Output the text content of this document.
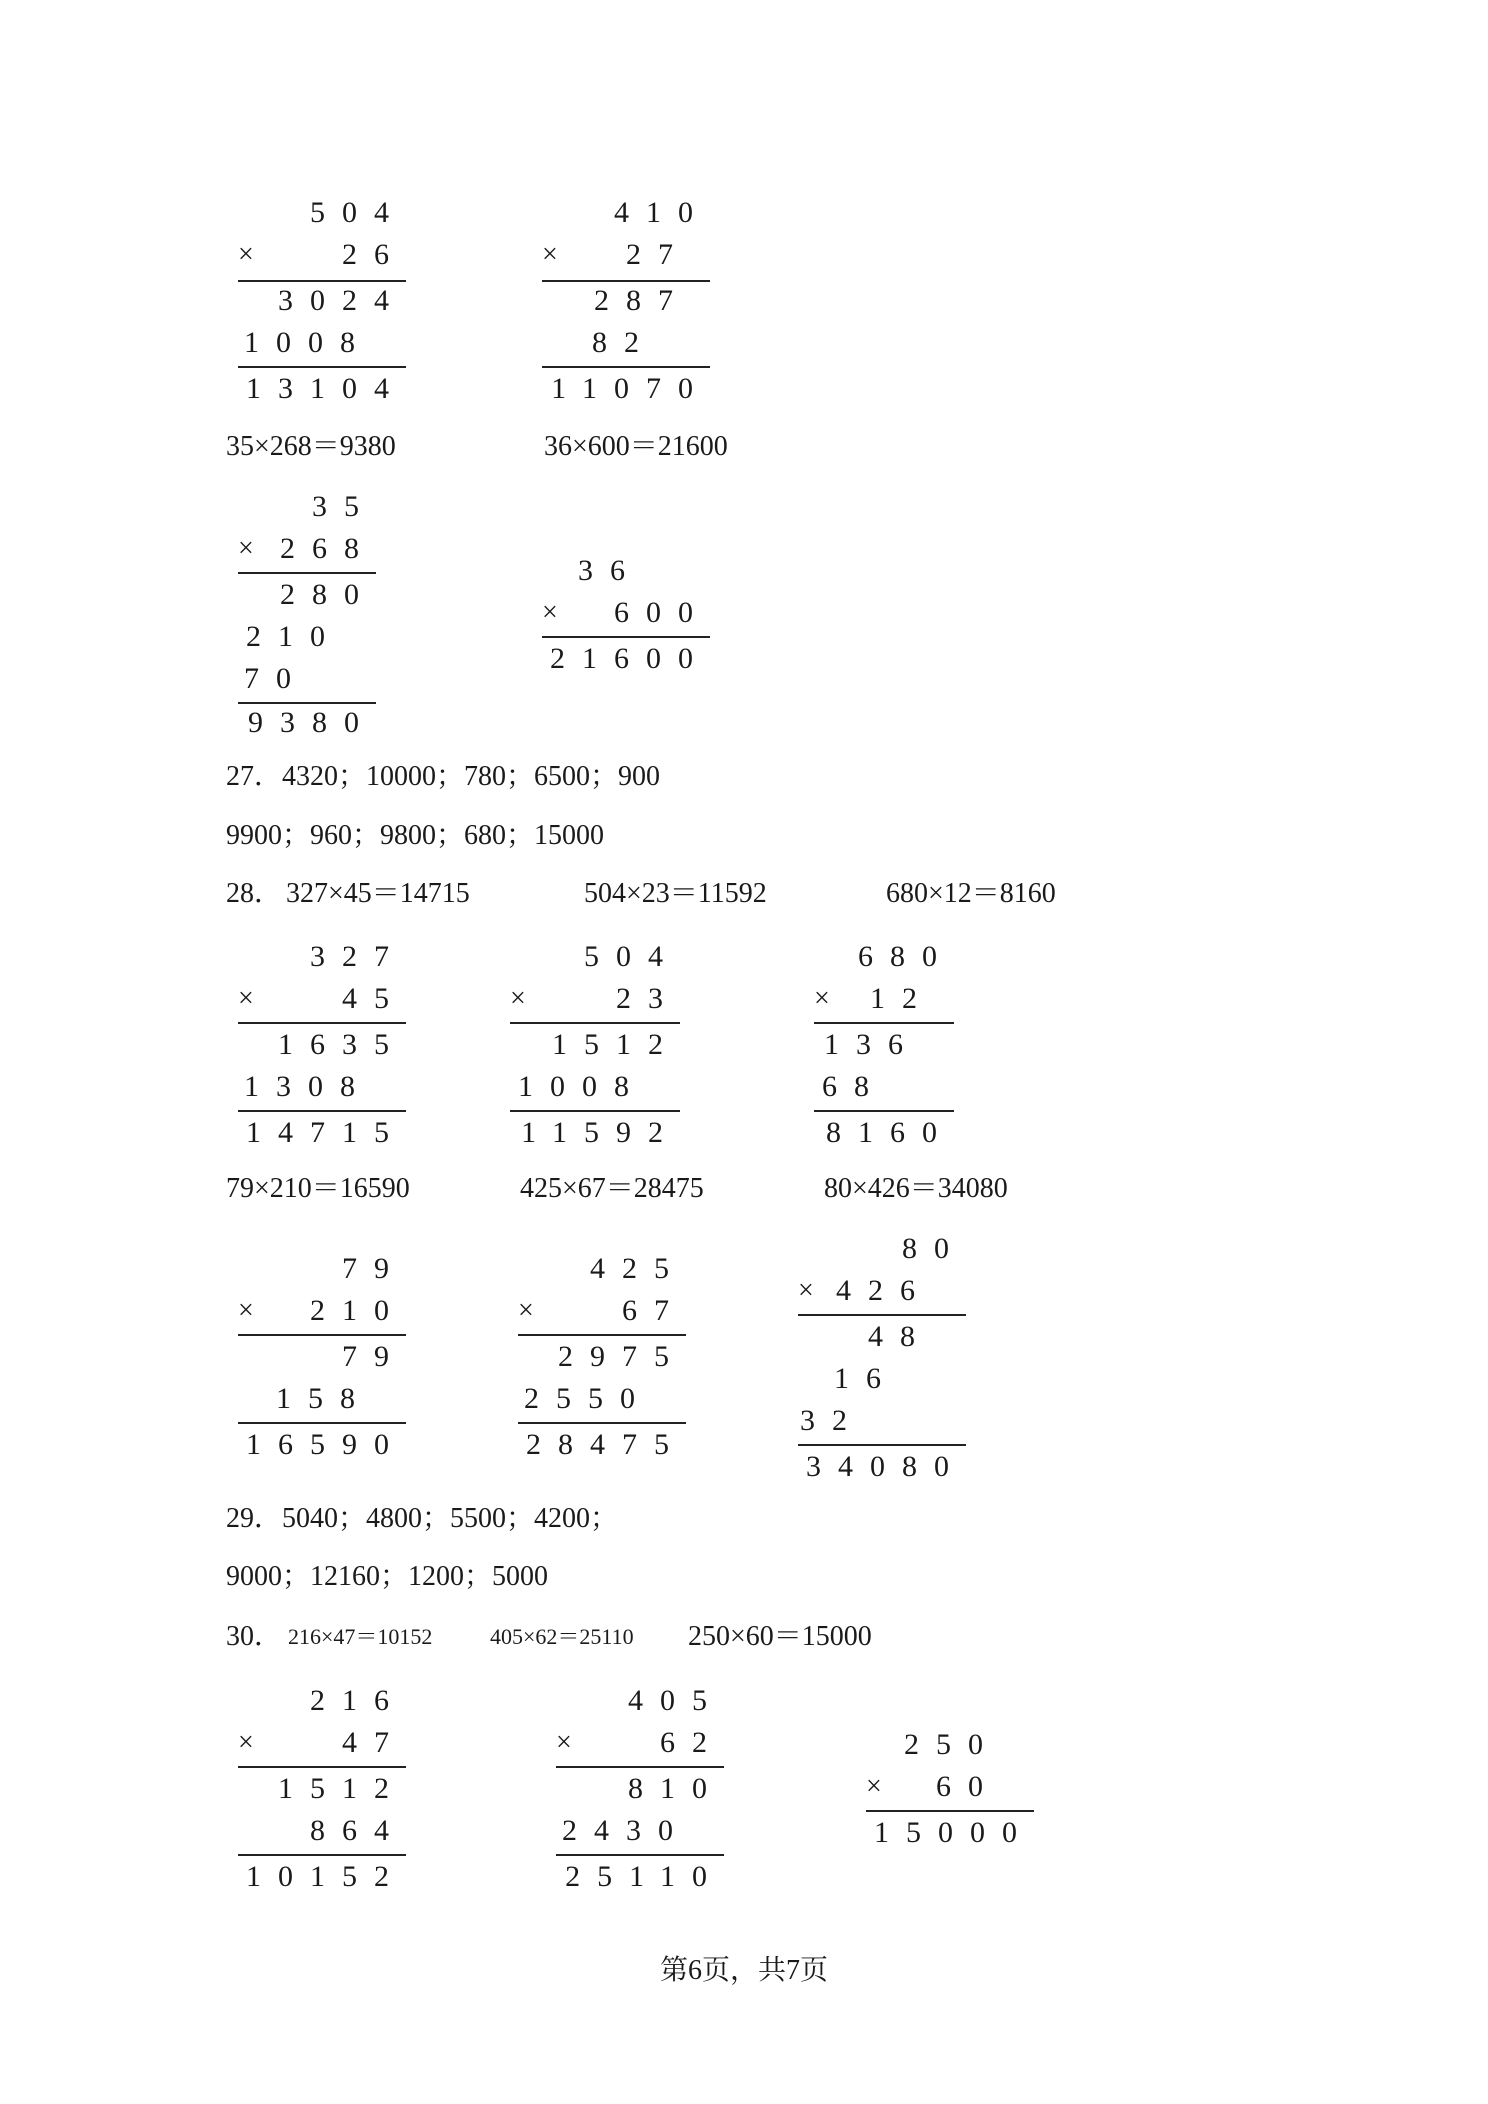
504
×	26
3024
1008
13104
410
× 27
287
82
11070
35×268＝9380	36×600＝21600
35
× 268
280
210
70
9380
36
× 600
21600
27．4320；10000；780；6500；900
9900；960；9800；680；15000
28． 327×45＝14715	504×23＝11592	680×12＝8160
327
×	45
1635
1308
14715
504
×	23
1512
1008
11592
680
× 12
136
68
8160
79×210＝16590	425×67＝28475	80×426＝34080
79
× 210
79
158
16590
425
×	67
2975
2550
28475
80
× 426
48
16
32
34080
29．5040；4800；5500；4200；
9000；12160；1200；5000
30． 216×47＝10152	405×62＝25110 250×60＝15000
216
×	47
1512
864
10152
405
×	62
810
2430
25110
250
× 60
15000
第6页，共7页
